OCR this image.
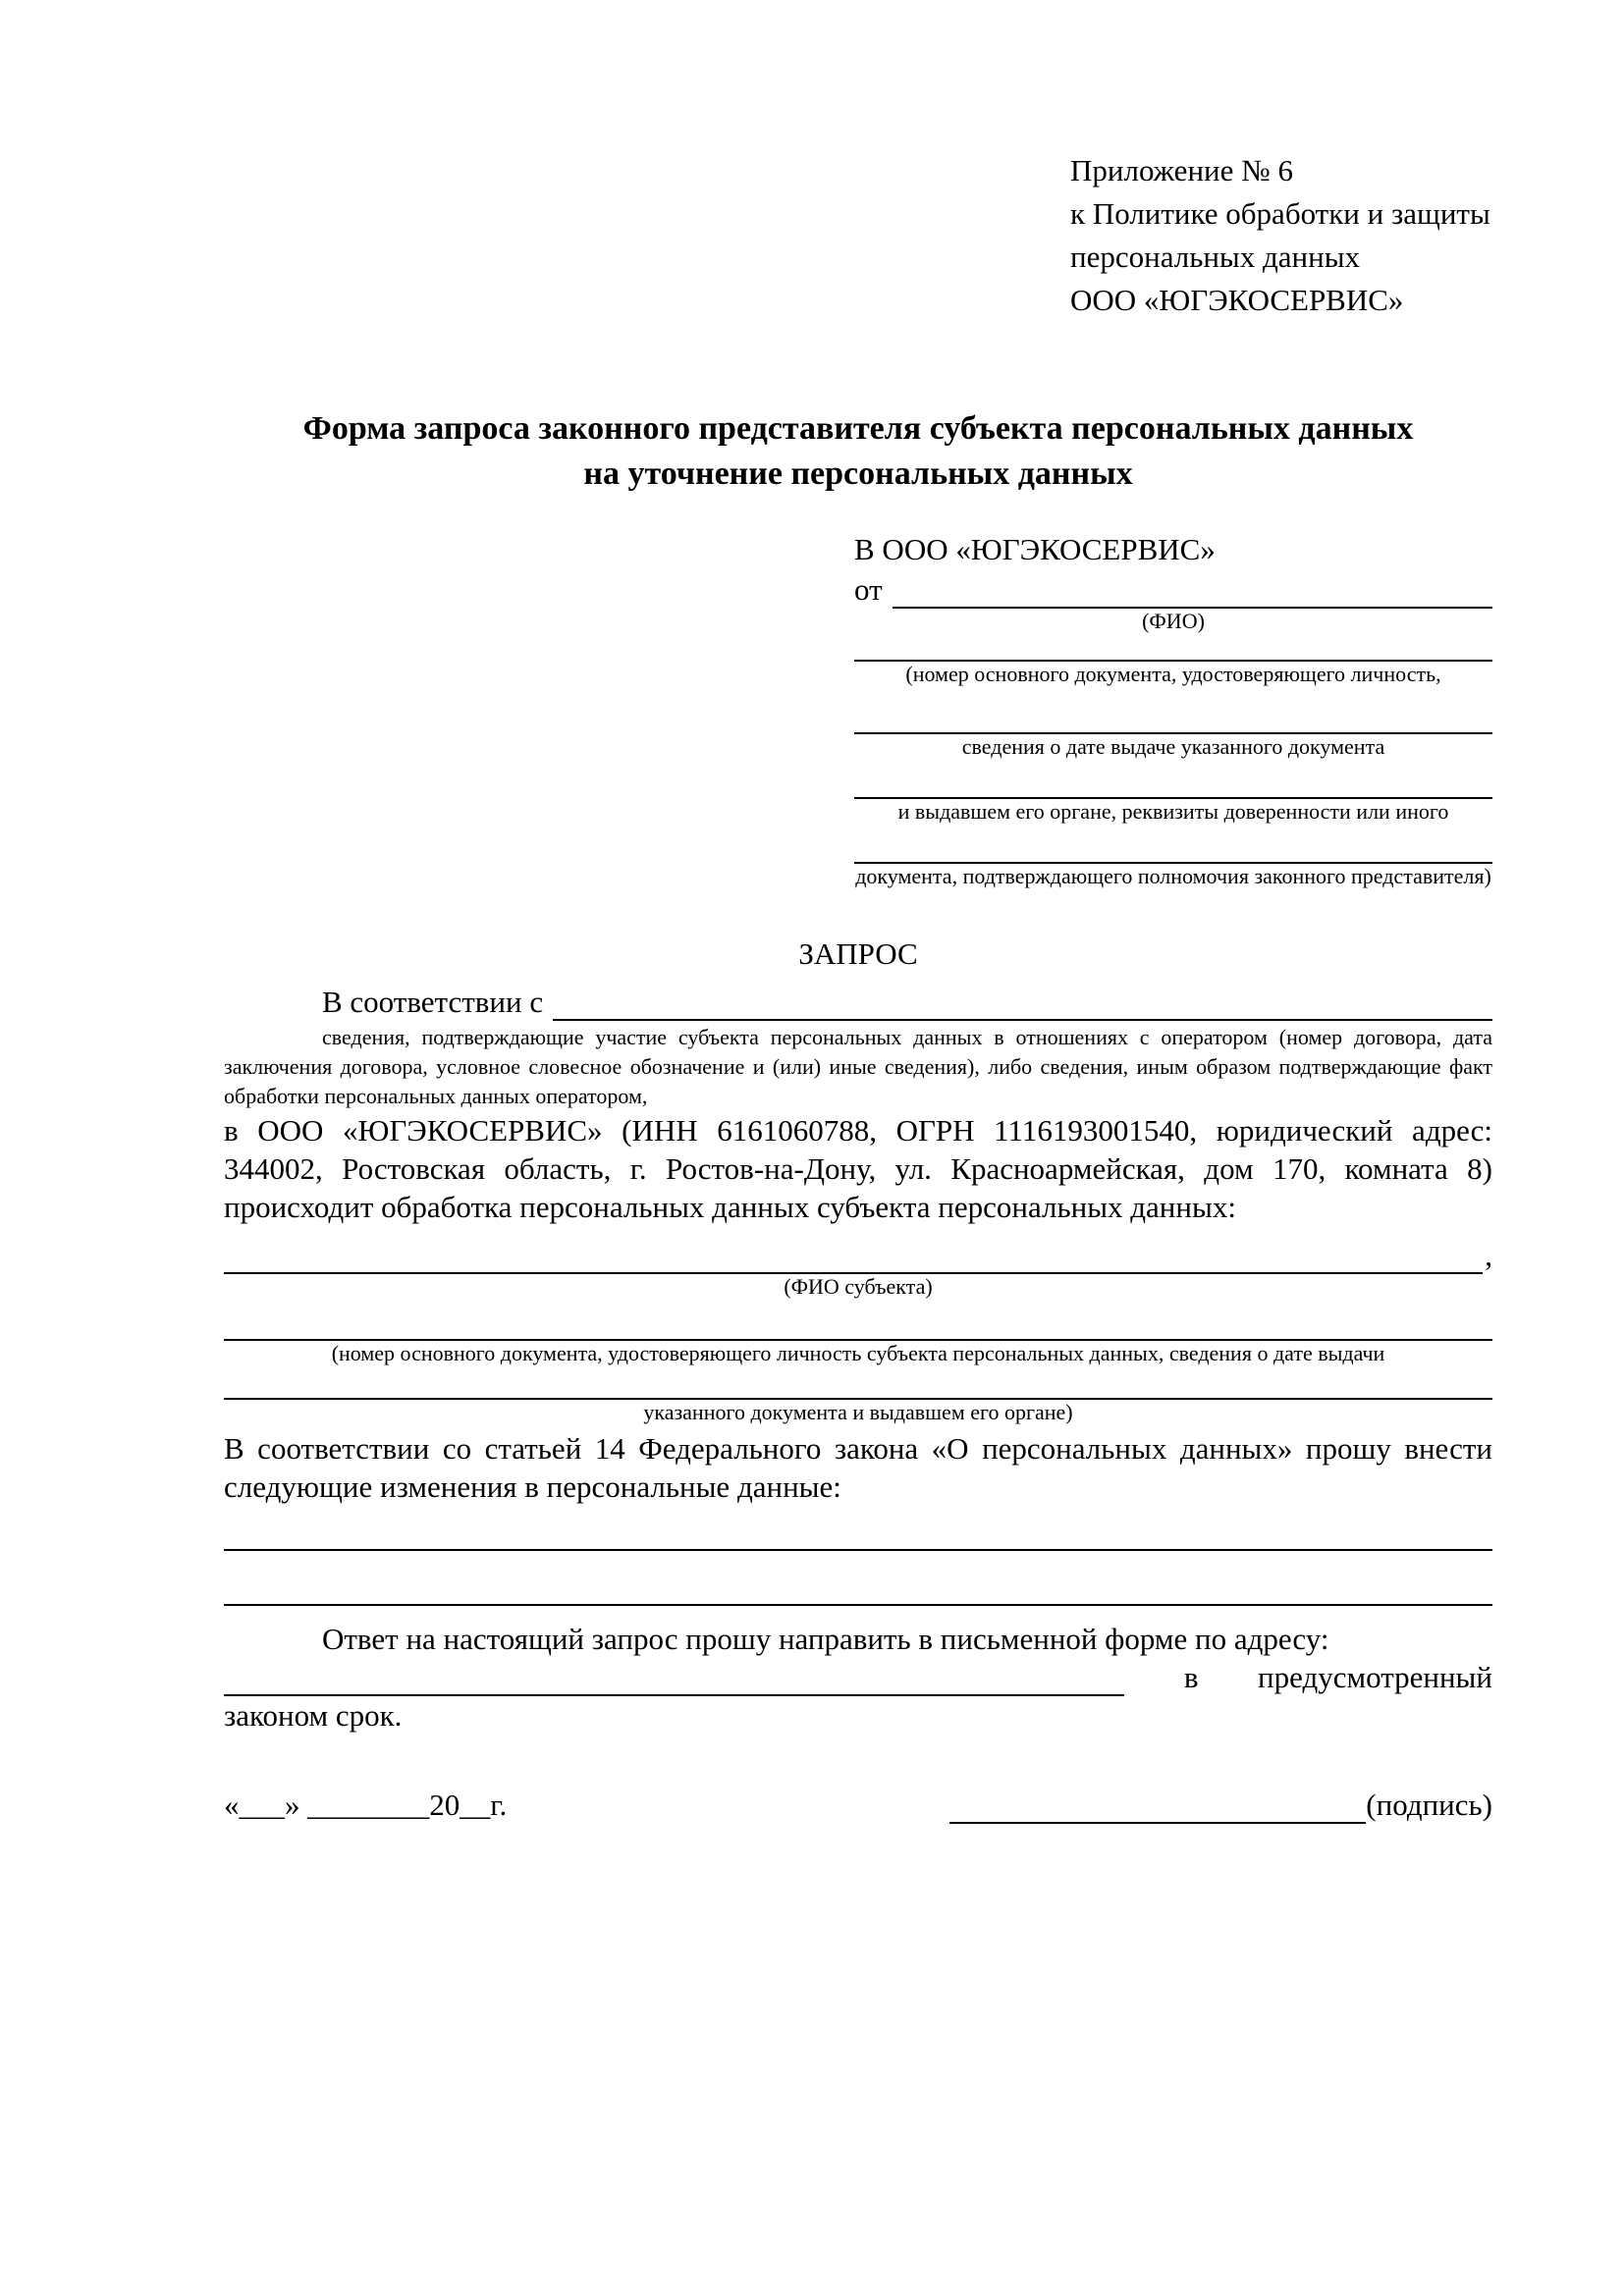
Приложение № 6
к Политике обработки и защиты
персональных данных
ООО «ЮГЭКОСЕРВИС»
Форма запроса законного представителя субъекта персональных данных
на уточнение персональных данных
В ООО «ЮГЭКОСЕРВИС»
от
(ФИО)
(номер основного документа, удостоверяющего личность,
сведения о дате выдаче указанного документа
и выдавшем его органе, реквизиты доверенности или иного
документа, подтверждающего полномочия законного представителя)
ЗАПРОС
В соответствии с
сведения, подтверждающие участие субъекта персональных данных в отношениях с оператором (номер договора, дата заключения договора, условное словесное обозначение и (или) иные сведения), либо сведения, иным образом подтверждающие факт обработки персональных данных оператором,
в ООО «ЮГЭКОСЕРВИС» (ИНН 6161060788, ОГРН 1116193001540, юридический адрес: 344002, Ростовская область, г. Ростов-на-Дону, ул. Красноармейская, дом 170, комната 8) происходит обработка персональных данных субъекта персональных данных:
,
(ФИО субъекта)
(номер основного документа, удостоверяющего личность субъекта персональных данных, сведения о дате выдачи
указанного документа и выдавшем его органе)
В соответствии со статьей 14 Федерального закона «О персональных данных» прошу внести следующие изменения в персональные данные:
Ответ на настоящий запрос прошу направить в письменной форме по адресу:
в предусмотренный
законом срок.
«___» ________20__г.	(подпись)
